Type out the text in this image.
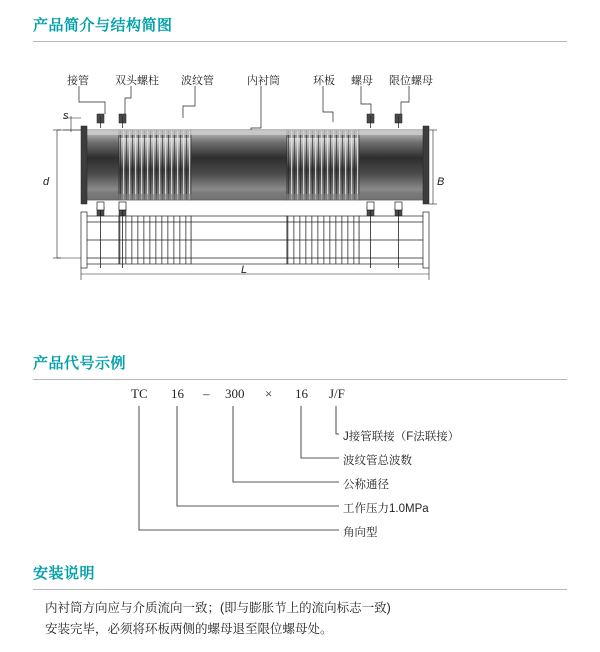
产品简介与结构简图
接管 双头螺柱 波纹管	内衬筒	环板 螺母 限位螺母
s
d	B
L
产品代号示例
TC 16 – 300 × 16 J/F
J接管联接（F法联接）
波纹管总波数
公称通径
工作压力1.0MPa
角向型
安装说明
内衬筒方向应与介质流向一致；(即与膨胀节上的流向标志一致)
安装完毕，必须将环板两侧的螺母退至限位螺母处。
